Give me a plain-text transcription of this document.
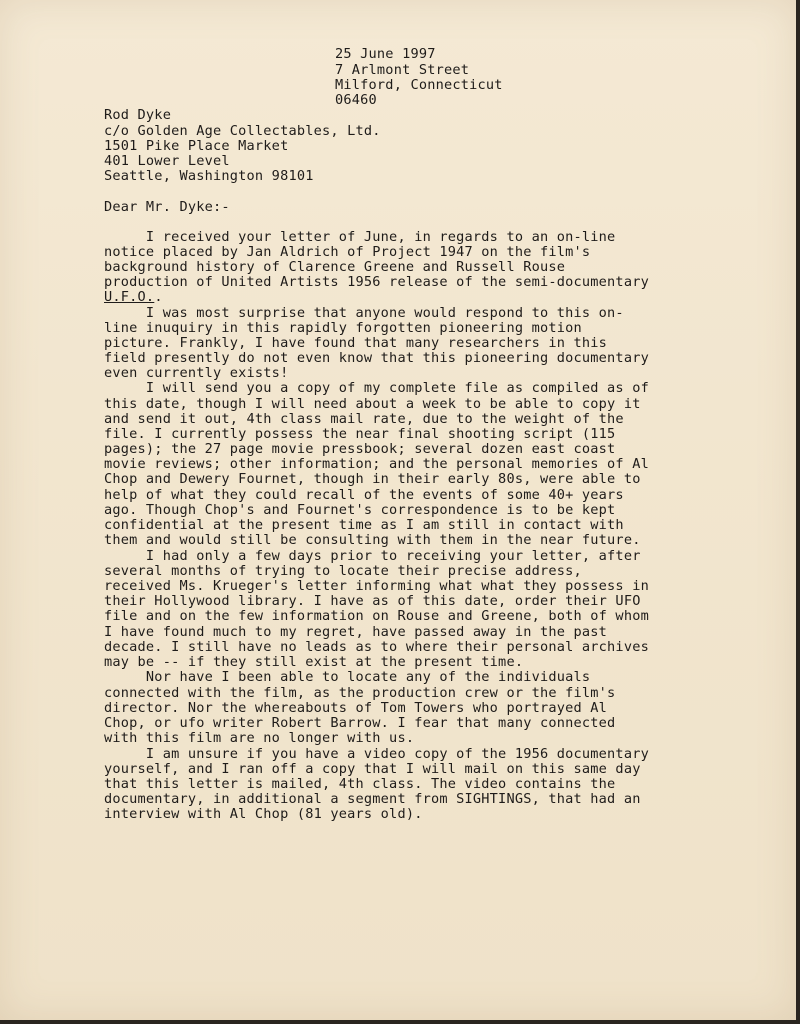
25 June 1997
7 Arlmont Street
Milford, Connecticut
06460
Rod Dyke
c/o Golden Age Collectables, Ltd.
1501 Pike Place Market
401 Lower Level
Seattle, Washington 98101
Dear Mr. Dyke:-
I received your letter of June, in regards to an on-line
notice placed by Jan Aldrich of Project 1947 on the film's
background history of Clarence Greene and Russell Rouse
production of United Artists 1956 release of the semi-documentary
U.F.O..
I was most surprise that anyone would respond to this on-
line inuquiry in this rapidly forgotten pioneering motion
picture. Frankly, I have found that many researchers in this
field presently do not even know that this pioneering documentary
even currently exists!
I will send you a copy of my complete file as compiled as of
this date, though I will need about a week to be able to copy it
and send it out, 4th class mail rate, due to the weight of the
file. I currently possess the near final shooting script (115
pages); the 27 page movie pressbook; several dozen east coast
movie reviews; other information; and the personal memories of Al
Chop and Dewery Fournet, though in their early 80s, were able to
help of what they could recall of the events of some 40+ years
ago. Though Chop's and Fournet's correspondence is to be kept
confidential at the present time as I am still in contact with
them and would still be consulting with them in the near future.
I had only a few days prior to receiving your letter, after
several months of trying to locate their precise address,
received Ms. Krueger's letter informing what what they possess in
their Hollywood library. I have as of this date, order their UFO
file and on the few information on Rouse and Greene, both of whom
I have found much to my regret, have passed away in the past
decade. I still have no leads as to where their personal archives
may be -- if they still exist at the present time.
Nor have I been able to locate any of the individuals
connected with the film, as the production crew or the film's
director. Nor the whereabouts of Tom Towers who portrayed Al
Chop, or ufo writer Robert Barrow. I fear that many connected
with this film are no longer with us.
I am unsure if you have a video copy of the 1956 documentary
yourself, and I ran off a copy that I will mail on this same day
that this letter is mailed, 4th class. The video contains the
documentary, in additional a segment from SIGHTINGS, that had an
interview with Al Chop (81 years old).
